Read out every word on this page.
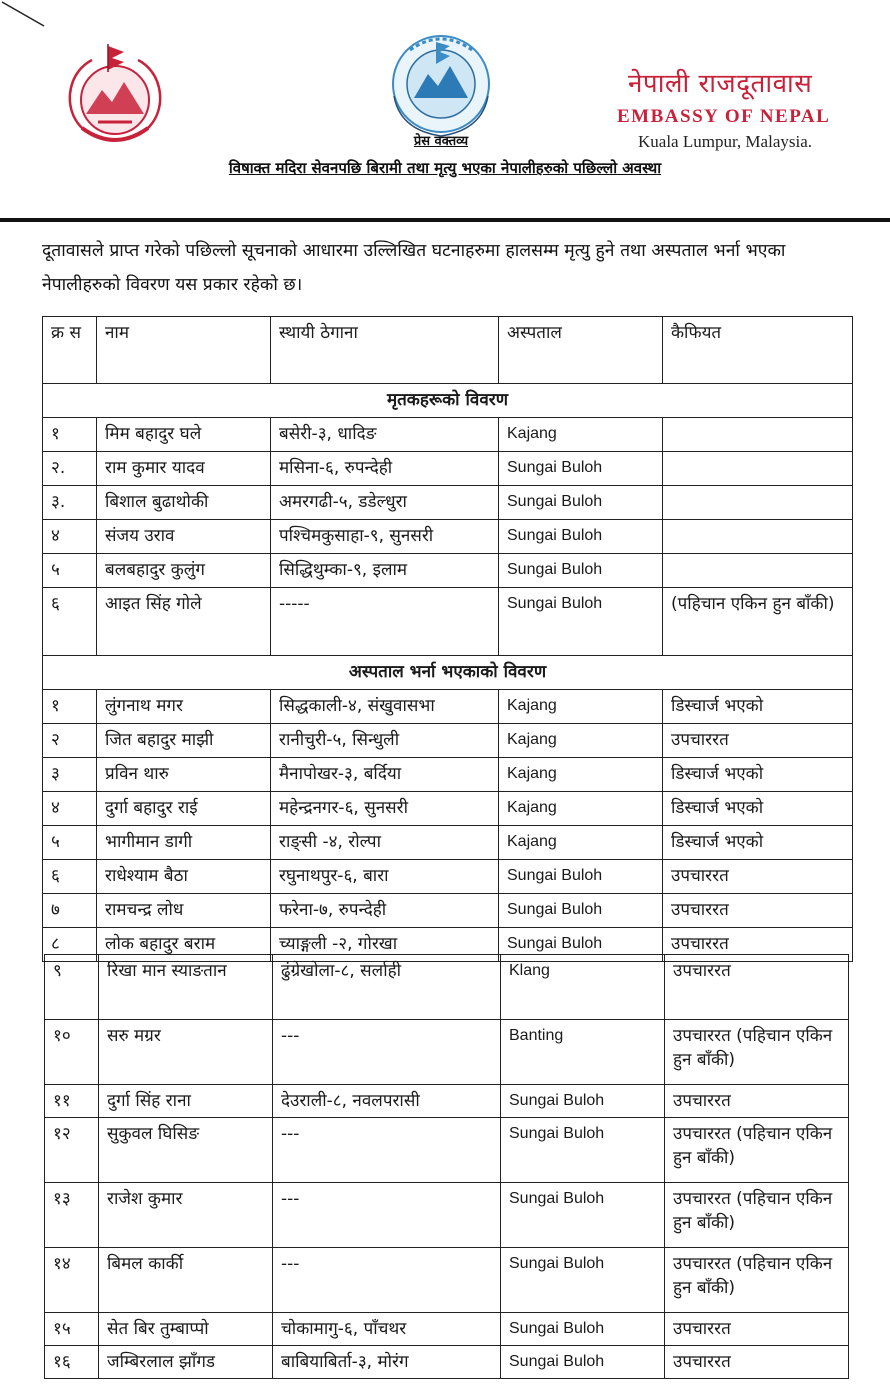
प्रेस वक्तव्य
नेपाली राजदूतावास
EMBASSY OF NEPAL
Kuala Lumpur, Malaysia.
विषाक्त मदिरा सेवनपछि बिरामी तथा मृत्यु भएका नेपालीहरुको पछिल्लो अवस्था
दूतावासले प्राप्त गरेको पछिल्लो सूचनाको आधारमा उल्लिखित घटनाहरुमा हालसम्म मृत्यु हुने तथा अस्पताल भर्ना भएका नेपालीहरुको विवरण यस प्रकार रहेको छ।
क्र स	नाम	स्थायी ठेगाना	अस्पताल	कैफियत
मृतकहरूको विवरण				
१	मिम बहादुर घले	बसेरी-३, धादिङ	Kajang	
२.	राम कुमार यादव	मसिना-६, रुपन्देही	Sungai Buloh	
३.	बिशाल बुढाथोकी	अमरगढी-५, डडेल्धुरा	Sungai Buloh	
४	संजय उराव	पश्चिमकुसाहा-९, सुनसरी	Sungai Buloh	
५	बलबहादुर कुलुंग	सिद्धिथुम्का-९, इलाम	Sungai Buloh	
६	आइत सिंह गोले	-----	Sungai Buloh	(पहिचान एकिन हुन बाँकी)
अस्पताल भर्ना भएकाको विवरण				
१	लुंगनाथ मगर	सिद्धकाली-४, संखुवासभा	Kajang	डिस्चार्ज भएको
२	जित बहादुर माझी	रानीचुरी-५, सिन्धुली	Kajang	उपचाररत
३	प्रविन थारु	मैनापोखर-३, बर्दिया	Kajang	डिस्चार्ज भएको
४	दुर्गा बहादुर राई	महेन्द्रनगर-६, सुनसरी	Kajang	डिस्चार्ज भएको
५	भागीमान डागी	राङ्सी -४, रोल्पा	Kajang	डिस्चार्ज भएको
६	राधेश्याम बैठा	रघुनाथपुर-६, बारा	Sungai Buloh	उपचाररत
७	रामचन्द्र लोध	फरेना-७, रुपन्देही	Sungai Buloh	उपचाररत
८	लोक बहादुर बराम	च्याङ्गली -२, गोरखा	Sungai Buloh	उपचाररत
९	रिखा मान स्याङतान	ढुंग्रेखोला-८, सर्लाही	Klang	उपचाररत
१०	सरु मग्रर	---	Banting	उपचाररत (पहिचान एकिन हुन बाँकी)
११	दुर्गा सिंह राना	देउराली-८, नवलपरासी	Sungai Buloh	उपचाररत
१२	सुकुवल घिसिङ	---	Sungai Buloh	उपचाररत (पहिचान एकिन हुन बाँकी)
१३	राजेश कुमार	---	Sungai Buloh	उपचाररत (पहिचान एकिन हुन बाँकी)
१४	बिमल कार्की	---	Sungai Buloh	उपचाररत (पहिचान एकिन हुन बाँकी)
१५	सेत बिर तुम्बाप्पो	चोकामागु-६, पाँचथर	Sungai Buloh	उपचाररत
१६	जम्बिरलाल झाँगड	बाबियाबिर्ता-३, मोरंग	Sungai Buloh	उपचाररत
